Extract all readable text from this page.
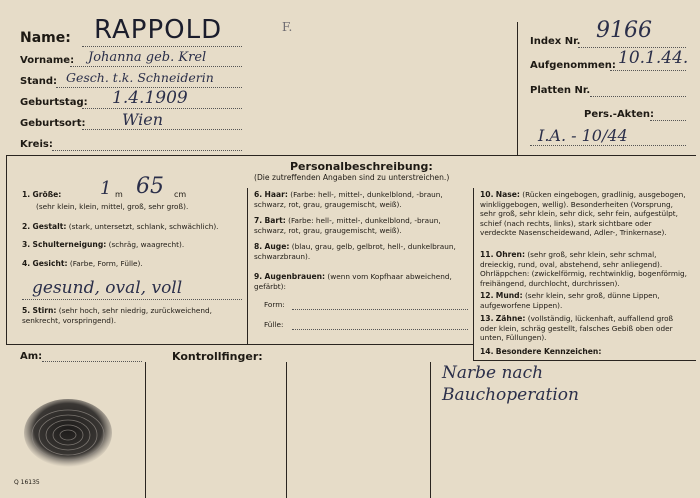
Name: RAPPOLD
Vorname: Johanna geb. Krel
Stand: Gesch. t.k. Schneiderin
Geburtstag: 1.4.1909
Geburtsort: Wien
Kreis:
F.
Index Nr. 9166
Aufgenommen: 10.1.44.
Platten Nr.
Pers.-Akten:
I.A. - 10/44
Personalbeschreibung:
(Die zutreffenden Angaben sind zu unterstreichen.)
1. Größe: 1 m 65 cm
(sehr klein, klein, mittel, groß, sehr groß).
2. Gestalt: (stark, untersetzt, schlank, schwächlich).
3. Schulterneigung: (schräg, waagrecht).
4. Gesicht: (Farbe, Form, Fülle).
gesund, oval, voll
5. Stirn: (sehr hoch, sehr niedrig, zurückweichend, senkrecht, vorspringend).
6. Haar: (Farbe: hell-, mittel-, dunkelblond, -braun, schwarz, rot, grau, graugemischt, weiß).
7. Bart: (Farbe: hell-, mittel-, dunkelblond, -braun, schwarz, rot, grau, graugemischt, weiß).
8. Auge: (blau, grau, gelb, gelbrot, hell-, dunkelbraun, schwarzbraun).
9. Augenbrauen: (wenn vom Kopfhaar abweichend, gefärbt):
Form:
Fülle:
10. Nase: (Rücken eingebogen, gradlinig, ausgebogen, winkliggebogen, wellig). Besonderheiten (Vorsprung, sehr groß, sehr klein, sehr dick, sehr fein, aufgestülpt, schief (nach rechts, links), stark sichtbare oder verdeckte Nasenscheidewand, Adler-, Trinkernase).
11. Ohren: (sehr groß, sehr klein, sehr schmal, dreieckig, rund, oval, abstehend, sehr anliegend). Ohrläppchen: (zwickelförmig, rechtwinklig, bogenförmig, freihängend, durchlocht, durchrissen).
12. Mund: (sehr klein, sehr groß, dünne Lippen, aufgeworfene Lippen).
13. Zähne: (vollständig, lückenhaft, auffallend groß oder klein, schräg gestellt, falsches Gebiß oben oder unten, Füllungen).
14. Besondere Kennzeichen:
Narbe nach Bauchoperation
Am:	Kontrollfinger:
Q 16135
